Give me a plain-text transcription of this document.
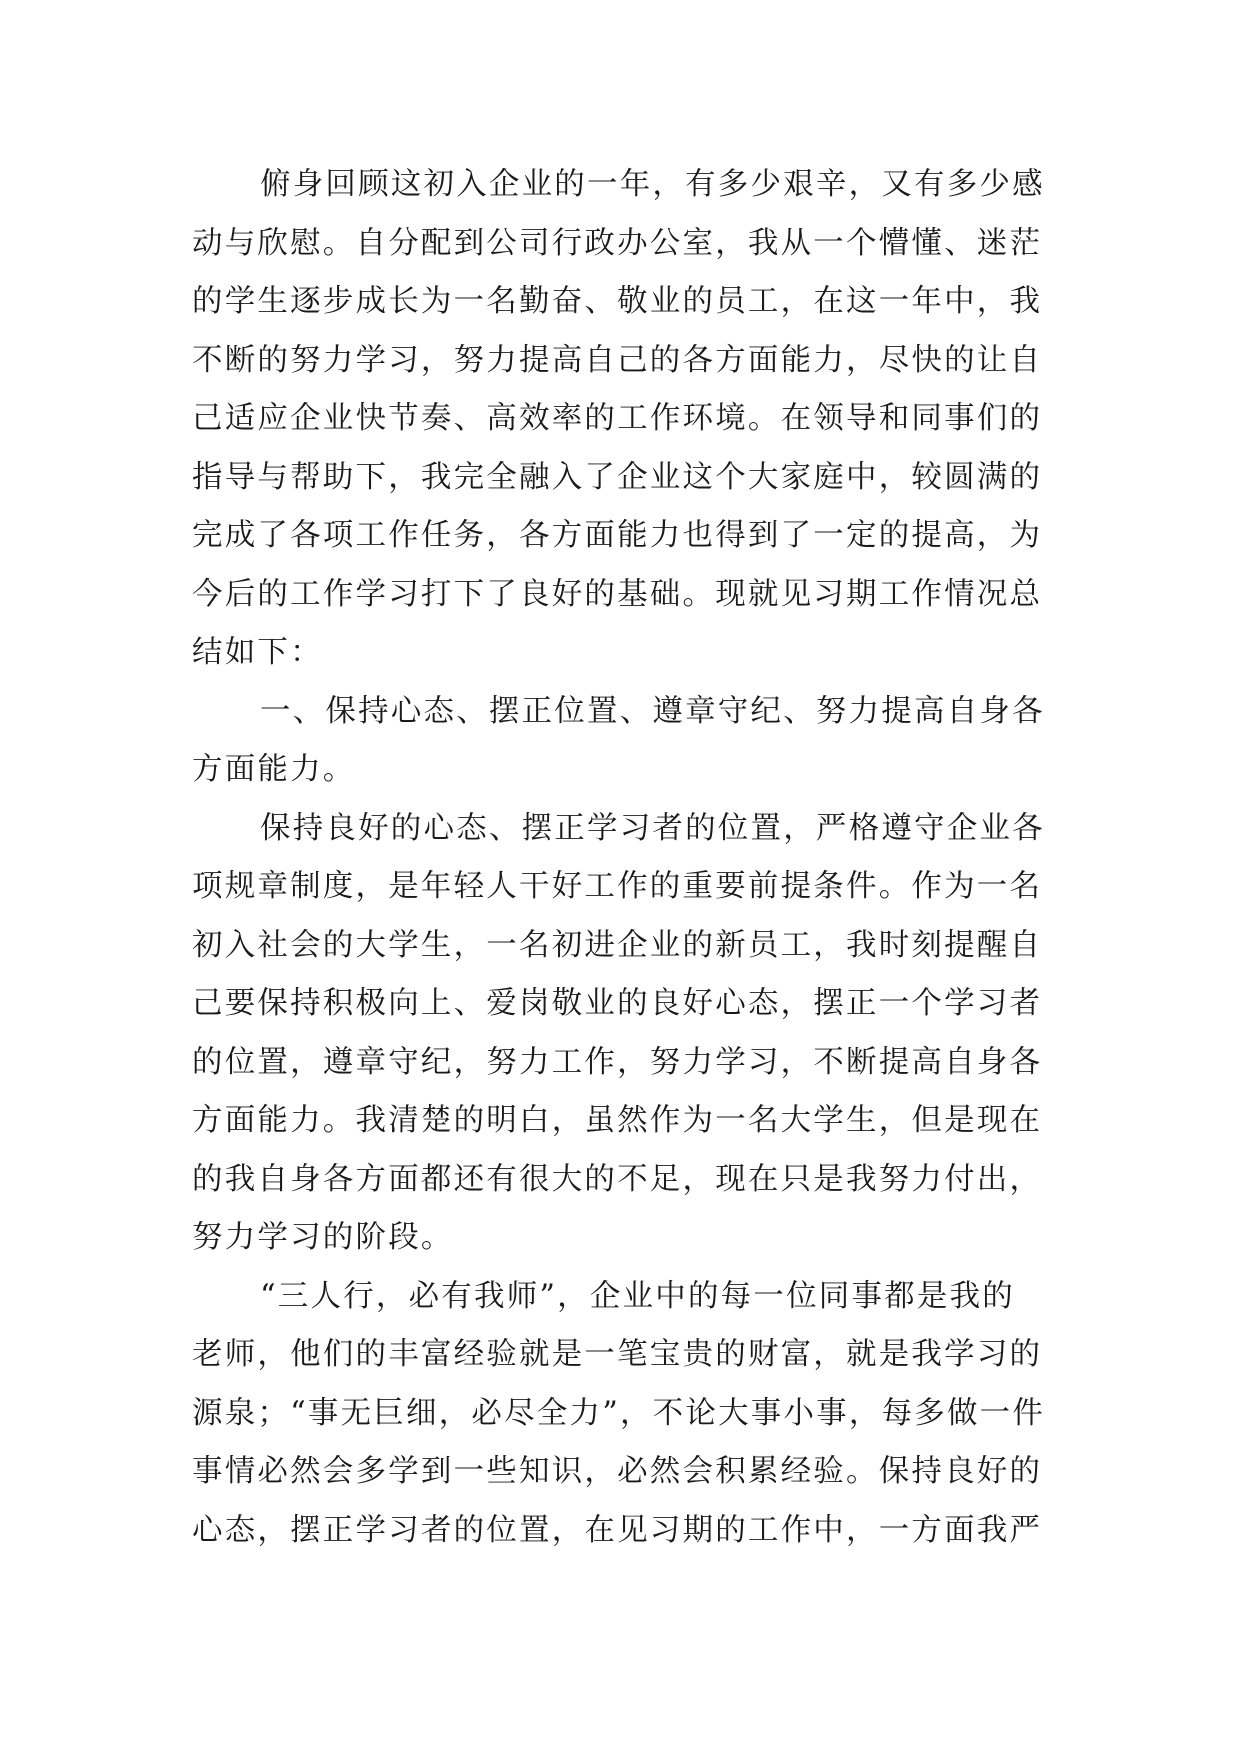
俯身回顾这初入企业的一年，有多少艰辛，又有多少感
动与欣慰。自分配到公司行政办公室，我从一个懵懂、迷茫
的学生逐步成长为一名勤奋、敬业的员工，在这一年中，我
不断的努力学习，努力提高自己的各方面能力，尽快的让自
己适应企业快节奏、高效率的工作环境。在领导和同事们的
指导与帮助下，我完全融入了企业这个大家庭中，较圆满的
完成了各项工作任务，各方面能力也得到了一定的提高，为
今后的工作学习打下了良好的基础。现就见习期工作情况总
结如下：
一、保持心态、摆正位置、遵章守纪、努力提高自身各
方面能力。
保持良好的心态、摆正学习者的位置，严格遵守企业各
项规章制度，是年轻人干好工作的重要前提条件。作为一名
初入社会的大学生，一名初进企业的新员工，我时刻提醒自
己要保持积极向上、爱岗敬业的良好心态，摆正一个学习者
的位置，遵章守纪，努力工作，努力学习，不断提高自身各
方面能力。我清楚的明白，虽然作为一名大学生，但是现在
的我自身各方面都还有很大的不足，现在只是我努力付出，
努力学习的阶段。
“三人行，必有我师”，企业中的每一位同事都是我的
老师，他们的丰富经验就是一笔宝贵的财富，就是我学习的
源泉；“事无巨细，必尽全力”，不论大事小事，每多做一件
事情必然会多学到一些知识，必然会积累经验。保持良好的
心态，摆正学习者的位置，在见习期的工作中，一方面我严
